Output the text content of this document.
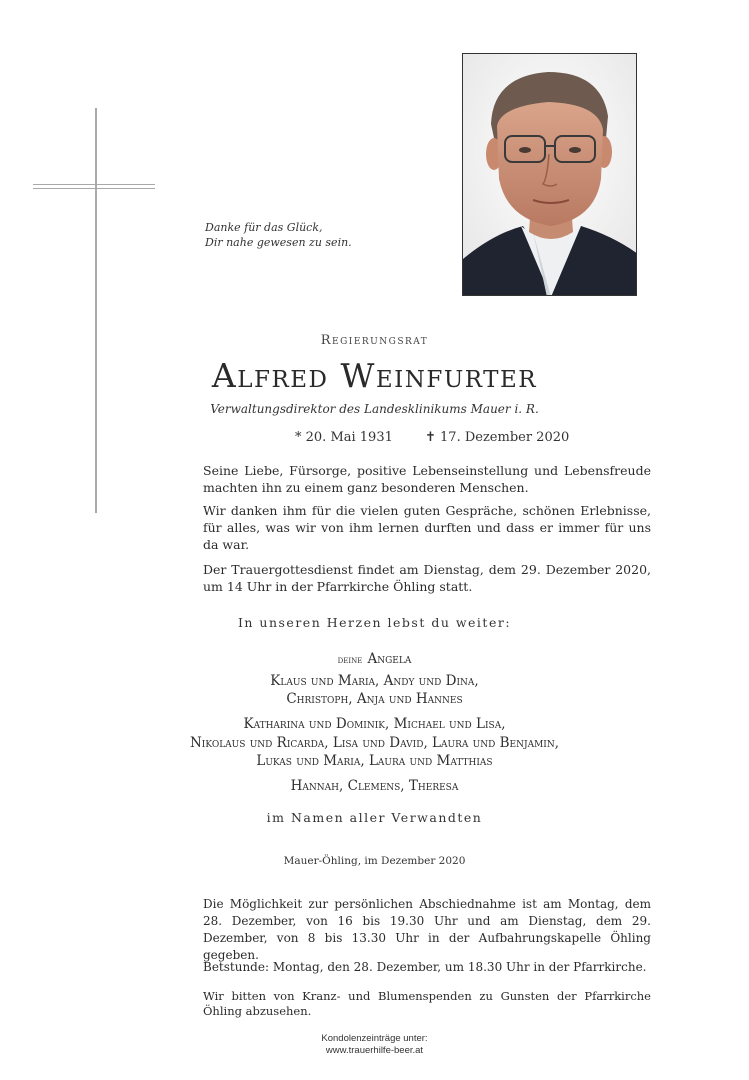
Danke für das Glück,
Dir nahe gewesen zu sein.
Regierungsrat
Alfred Weinfurter
Verwaltungsdirektor des Landesklinikums Mauer i. R.
* 20. Mai 1931 ✝ 17. Dezember 2020
Seine Liebe, Fürsorge, positive Lebenseinstellung und Lebensfreude machten ihn zu einem ganz besonderen Menschen.
Wir danken ihm für die vielen guten Gespräche, schönen Erlebnisse, für alles, was wir von ihm lernen durften und dass er immer für uns da war.
Der Trauergottesdienst findet am Dienstag, dem 29. Dezember 2020, um 14 Uhr in der Pfarrkirche Öhling statt.
In unseren Herzen lebst du weiter:
deine Angela
Klaus und Maria, Andy und Dina,
Christoph, Anja und Hannes
Katharina und Dominik, Michael und Lisa,
Nikolaus und Ricarda, Lisa und David, Laura und Benjamin,
Lukas und Maria, Laura und Matthias
Hannah, Clemens, Theresa
im Namen aller Verwandten
Mauer-Öhling, im Dezember 2020
Die Möglichkeit zur persönlichen Abschiednahme ist am Montag, dem 28. Dezember, von 16 bis 19.30 Uhr und am Dienstag, dem 29. Dezember, von 8 bis 13.30 Uhr in der Aufbahrungskapelle Öhling gegeben.
Betstunde: Montag, den 28. Dezember, um 18.30 Uhr in der Pfarrkirche.
Wir bitten von Kranz- und Blumenspenden zu Gunsten der Pfarrkirche Öhling abzusehen.
Kondolenzeinträge unter:
www.trauerhilfe-beer.at
